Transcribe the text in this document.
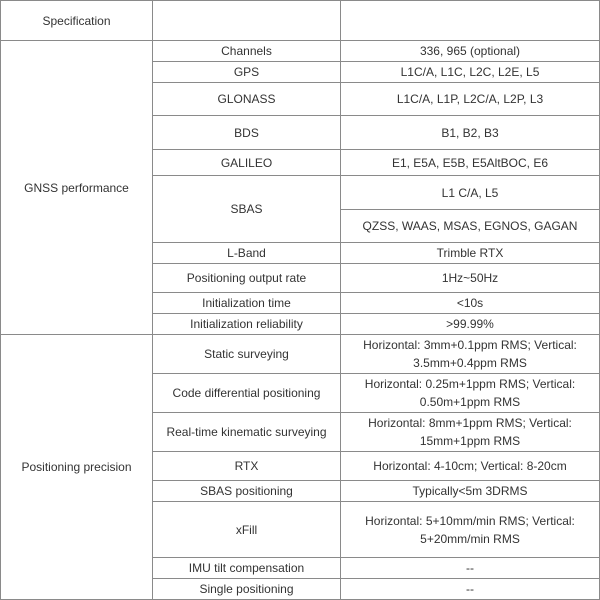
Specification		
GNSS performance	Channels	336, 965 (optional)
	GPS	L1C/A, L1C, L2C, L2E, L5
	GLONASS	L1C/A, L1P, L2C/A, L2P, L3
	BDS	B1, B2, B3
	GALILEO	E1, E5A, E5B, E5AltBOC, E6
	SBAS	L1 C/A, L5
		QZSS, WAAS, MSAS, EGNOS, GAGAN
	L-Band	Trimble RTX
	Positioning output rate	1Hz~50Hz
	Initialization time	<10s
	Initialization reliability	>99.99%
Positioning precision	Static surveying	Horizontal: 3mm+0.1ppm RMS; Vertical: 3.5mm+0.4ppm RMS
	Code differential positioning	Horizontal: 0.25m+1ppm RMS; Vertical: 0.50m+1ppm RMS
	Real-time kinematic surveying	Horizontal: 8mm+1ppm RMS; Vertical: 15mm+1ppm RMS
	RTX	Horizontal: 4-10cm; Vertical: 8-20cm
	SBAS positioning	Typically<5m 3DRMS
	xFill	Horizontal: 5+10mm/min RMS; Vertical: 5+20mm/min RMS
	IMU tilt compensation	--
	Single positioning	--
